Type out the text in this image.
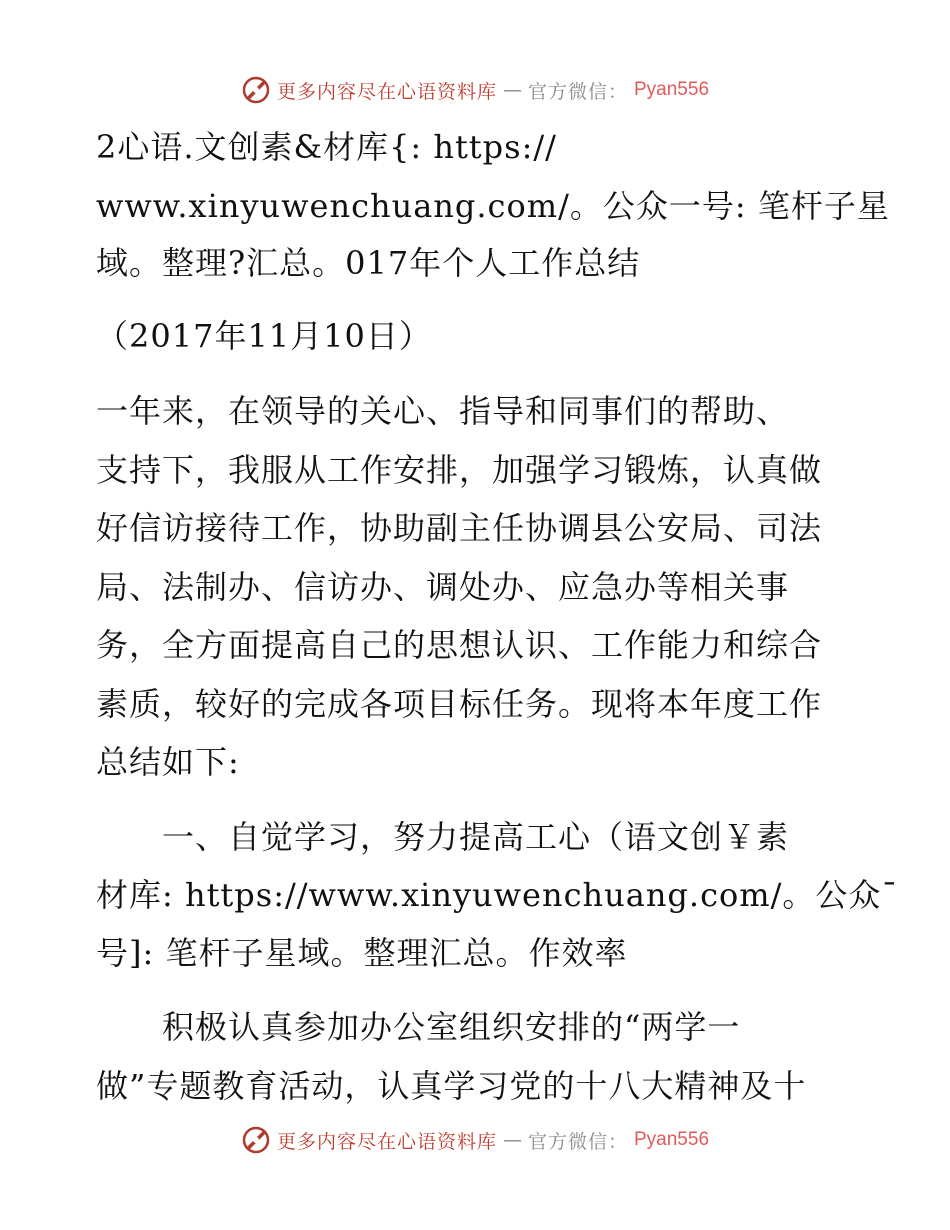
更多内容尽在心语资料库 — 官方微信： Pyan556
2心语.文创素&材库{: https://
www.xinyuwenchuang.com/。公众一号: 笔杆子星
域。整理?汇总。017年个人工作总结
（2017年11月10日）
一年来，在领导的关心、指导和同事们的帮助、
支持下，我服从工作安排，加强学习锻炼，认真做
好信访接待工作，协助副主任协调县公安局、司法
局、法制办、信访办、调处办、应急办等相关事
务，全方面提高自己的思想认识、工作能力和综合
素质，较好的完成各项目标任务。现将本年度工作
总结如下:
　　一、自觉学习，努力提高工心（语文创￥素
材库: https://www.xinyuwenchuang.com/。公众¯
号]: 笔杆子星域。整理汇总。作效率
　　积极认真参加办公室组织安排的“两学一
做”专题教育活动，认真学习党的十八大精神及十
更多内容尽在心语资料库 — 官方微信： Pyan556
